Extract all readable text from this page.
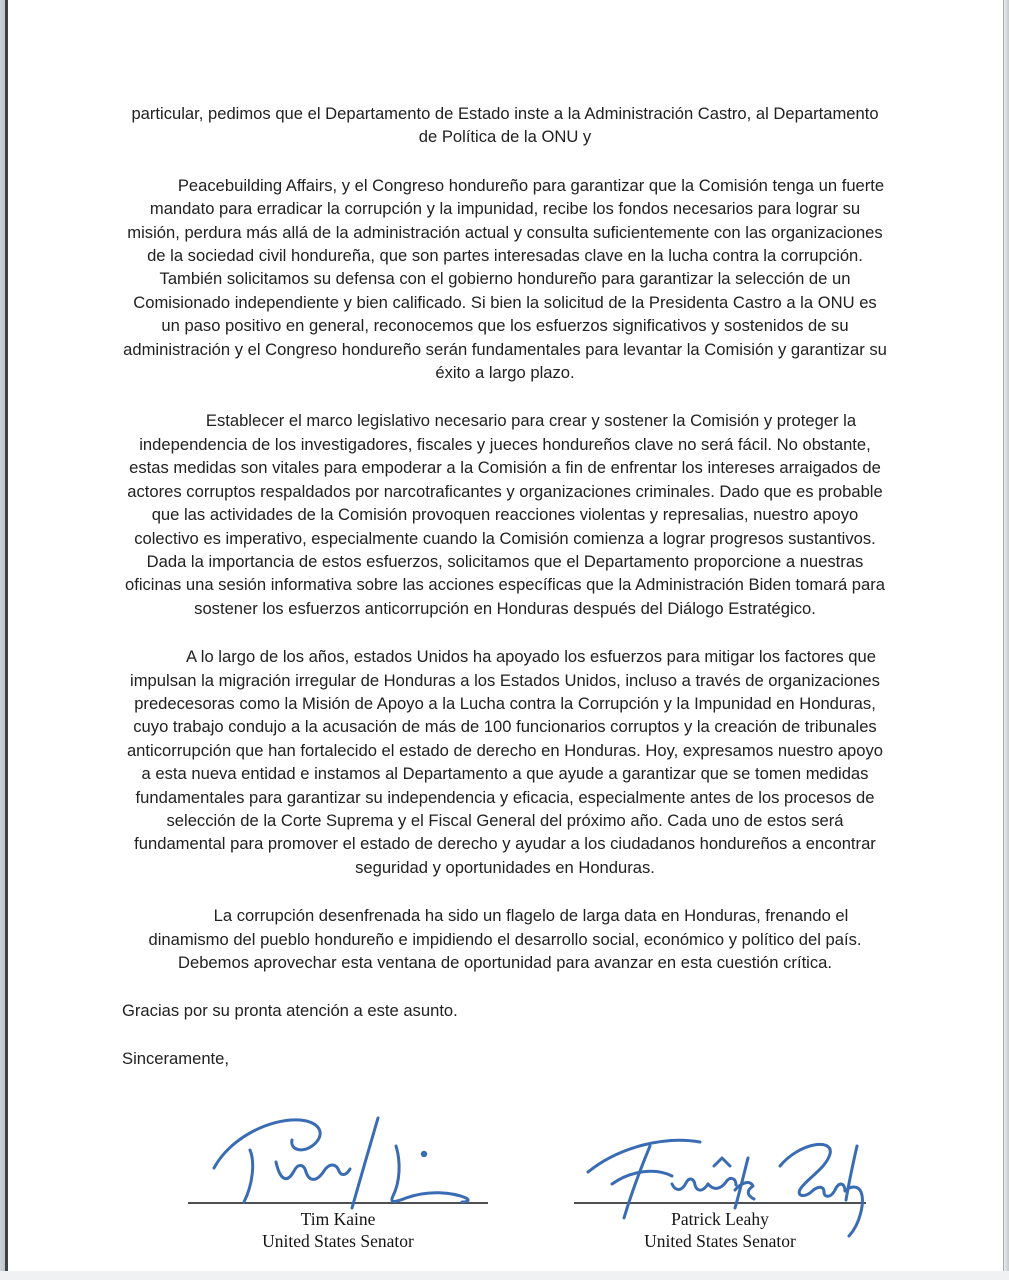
particular, pedimos que el Departamento de Estado inste a la Administración Castro, al Departamento de Política de la ONU y

Peacebuilding Affairs, y el Congreso hondureño para garantizar que la Comisión tenga un fuerte mandato para erradicar la corrupción y la impunidad, recibe los fondos necesarios para lograr su misión, perdura más allá de la administración actual y consulta suficientemente con las organizaciones de la sociedad civil hondureña, que son partes interesadas clave en la lucha contra la corrupción. También solicitamos su defensa con el gobierno hondureño para garantizar la selección de un Comisionado independiente y bien calificado. Si bien la solicitud de la Presidenta Castro a la ONU es un paso positivo en general, reconocemos que los esfuerzos significativos y sostenidos de su administración y el Congreso hondureño serán fundamentales para levantar la Comisión y garantizar su éxito a largo plazo.

Establecer el marco legislativo necesario para crear y sostener la Comisión y proteger la independencia de los investigadores, fiscales y jueces hondureños clave no será fácil. No obstante, estas medidas son vitales para empoderar a la Comisión a fin de enfrentar los intereses arraigados de actores corruptos respaldados por narcotraficantes y organizaciones criminales. Dado que es probable que las actividades de la Comisión provoquen reacciones violentas y represalias, nuestro apoyo colectivo es imperativo, especialmente cuando la Comisión comienza a lograr progresos sustantivos. Dada la importancia de estos esfuerzos, solicitamos que el Departamento proporcione a nuestras oficinas una sesión informativa sobre las acciones específicas que la Administración Biden tomará para sostener los esfuerzos anticorrupción en Honduras después del Diálogo Estratégico.

A lo largo de los años, estados Unidos ha apoyado los esfuerzos para mitigar los factores que impulsan la migración irregular de Honduras a los Estados Unidos, incluso a través de organizaciones predecesoras como la Misión de Apoyo a la Lucha contra la Corrupción y la Impunidad en Honduras, cuyo trabajo condujo a la acusación de más de 100 funcionarios corruptos y la creación de tribunales anticorrupción que han fortalecido el estado de derecho en Honduras. Hoy, expresamos nuestro apoyo a esta nueva entidad e instamos al Departamento a que ayude a garantizar que se tomen medidas fundamentales para garantizar su independencia y eficacia, especialmente antes de los procesos de selección de la Corte Suprema y el Fiscal General del próximo año. Cada uno de estos será fundamental para promover el estado de derecho y ayudar a los ciudadanos hondureños a encontrar seguridad y oportunidades en Honduras.

La corrupción desenfrenada ha sido un flagelo de larga data en Honduras, frenando el dinamismo del pueblo hondureño e impidiendo el desarrollo social, económico y político del país. Debemos aprovechar esta ventana de oportunidad para avanzar en esta cuestión crítica.

Gracias por su pronta atención a este asunto.

Sinceramente,

Tim Kaine
United States Senator
Patrick Leahy
United States Senator
